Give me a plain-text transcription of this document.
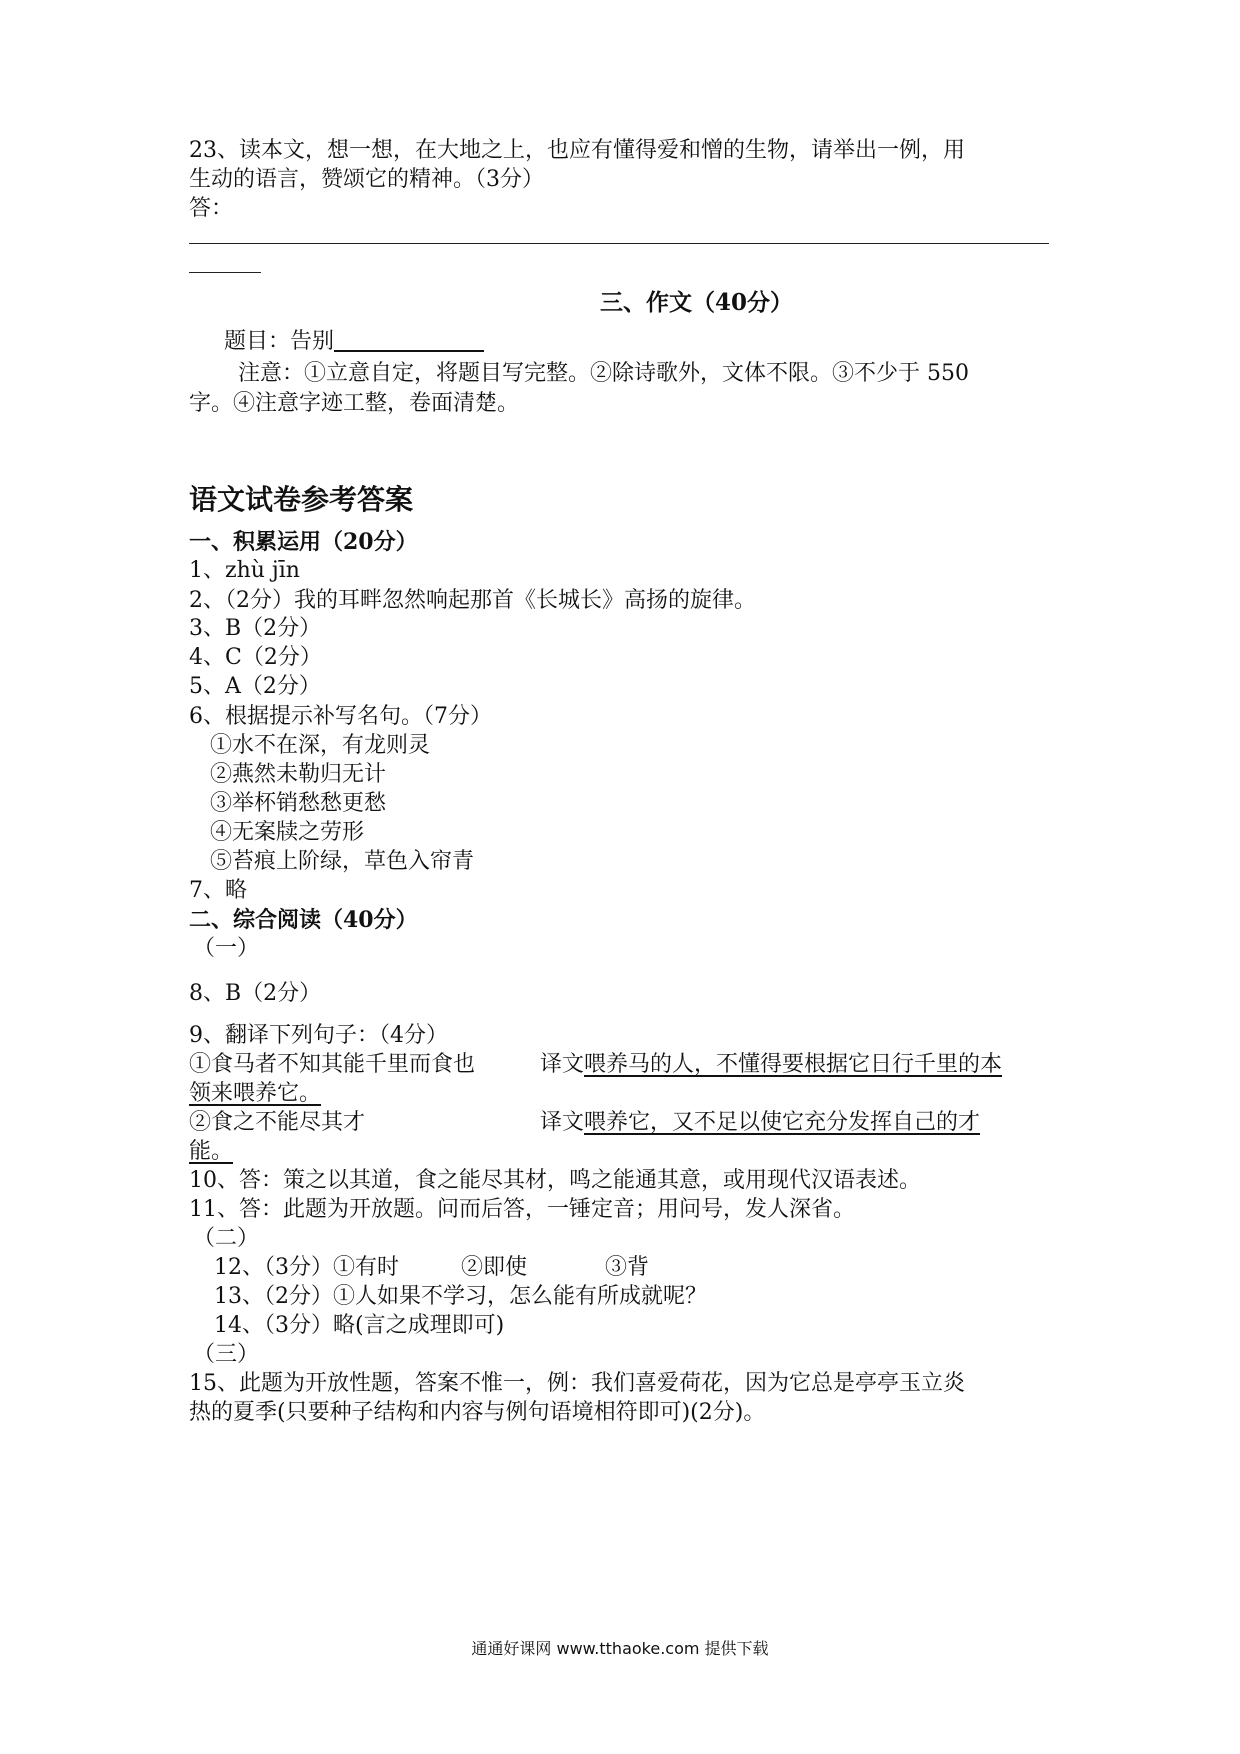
23、读本文，想一想，在大地之上，也应有懂得爱和憎的生物，请举出一例，用
生动的语言，赞颂它的精神。（3分）
答：
三、作文（40分）
题目：告别
注意：①立意自定，将题目写完整。②除诗歌外，文体不限。③不少于 550
字。④注意字迹工整，卷面清楚。
语文试卷参考答案
一、积累运用（20分）
1、zhù jīn
2、（2分）我的耳畔忽然响起那首《长城长》高扬的旋律。
3、B（2分）
4、C（2分）
5、A（2分）
6、根据提示补写名句。（7分）
①水不在深，有龙则灵
②燕然未勒归无计
③举杯销愁愁更愁
④无案牍之劳形
⑤苔痕上阶绿，草色入帘青
7、略
二、综合阅读（40分）
（一）
8、B（2分）
9、翻译下列句子：（4分）
①食马者不知其能千里而食也	译文喂养马的人，不懂得要根据它日行千里的本
领来喂养它。
②食之不能尽其才	译文喂养它，又不足以使它充分发挥自己的才
能。
10、答：策之以其道，食之能尽其材，鸣之能通其意，或用现代汉语表述。
11、答：此题为开放题。问而后答，一锤定音；用问号，发人深省。
（二）
12、（3分）①有时	②即使	③背
13、（2分）①人如果不学习，怎么能有所成就呢？
14、（3分）略(言之成理即可)
（三）
15、此题为开放性题，答案不惟一，例：我们喜爱荷花，因为它总是亭亭玉立炎
热的夏季(只要种子结构和内容与例句语境相符即可)(2分)。
通通好课网 www.tthaoke.com 提供下载
